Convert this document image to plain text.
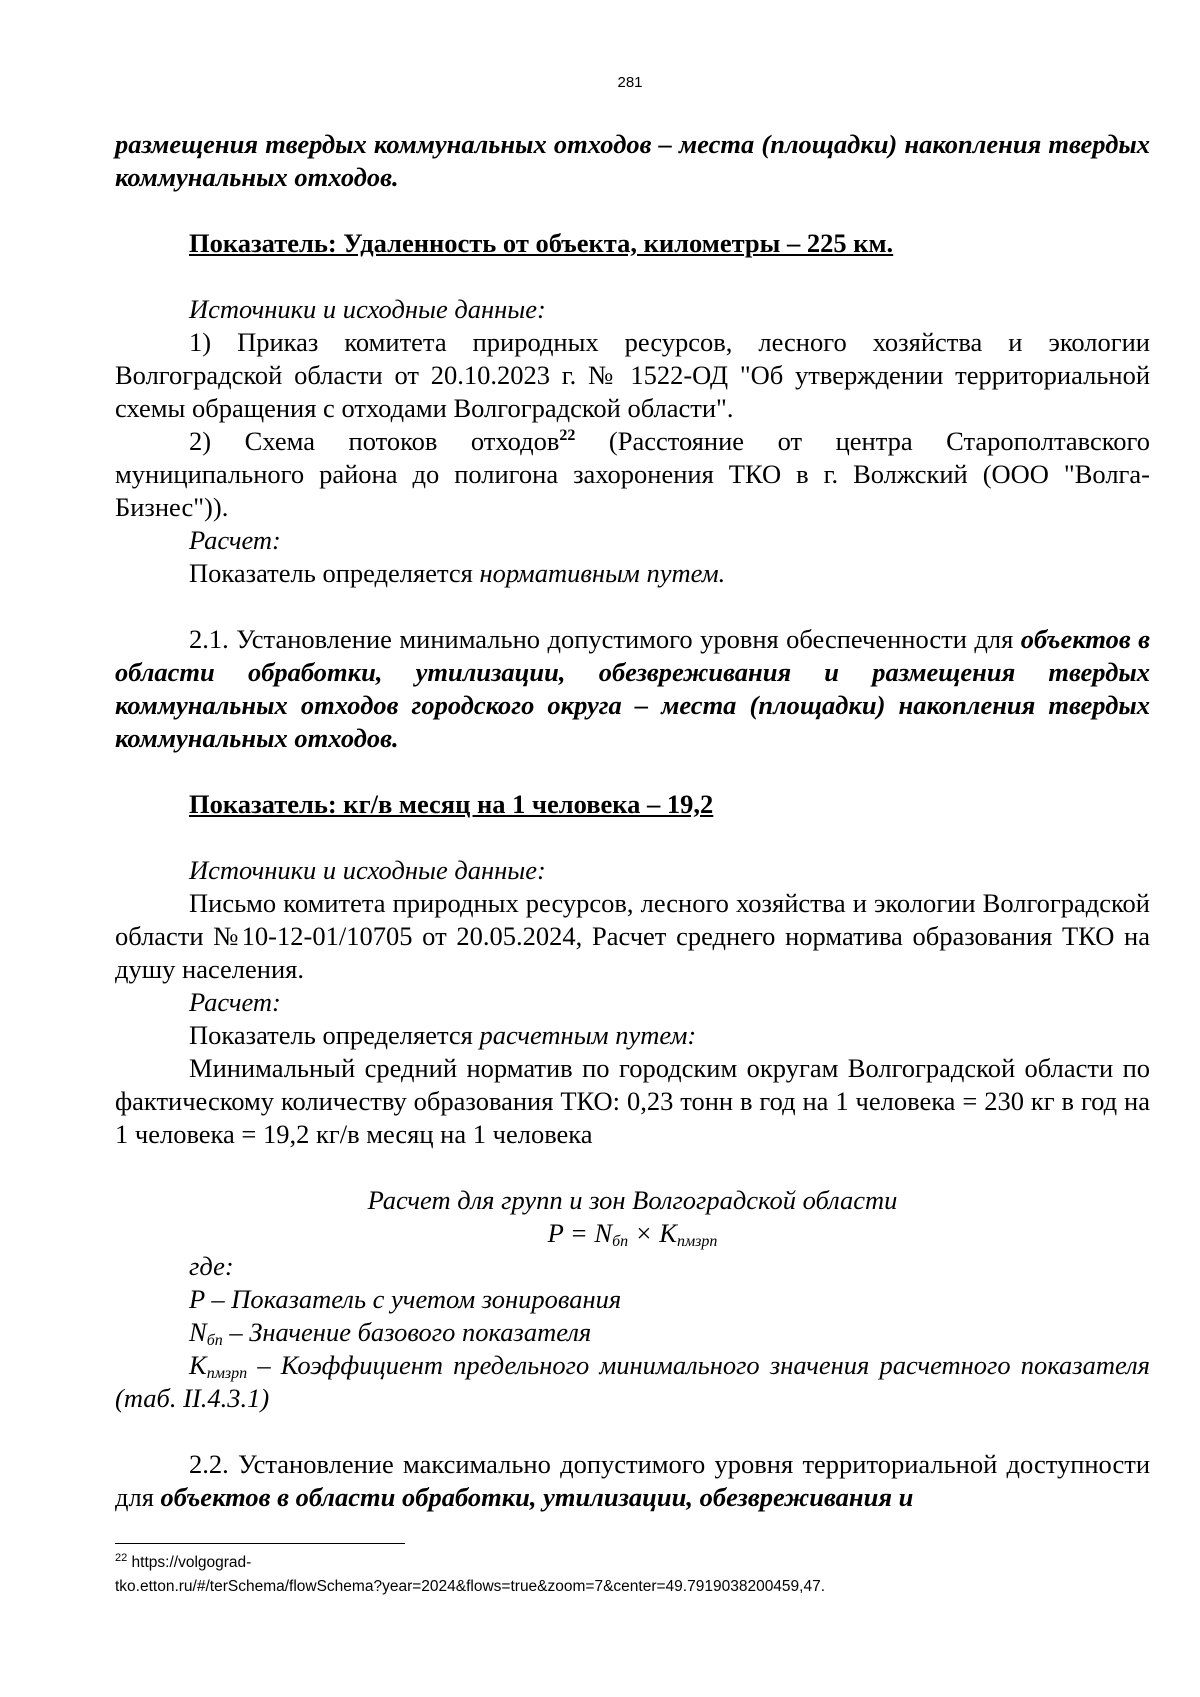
281

размещения твердых коммунальных отходов – места (площадки) накопления твердых коммунальных отходов.

Показатель: Удаленность от объекта, километры – 225 км.

Источники и исходные данные:

1) Приказ комитета природных ресурсов, лесного хозяйства и экологии Волгоградской области от 20.10.2023 г. № 1522-ОД "Об утверждении территориальной схемы обращения с отходами Волгоградской области".

2) Схема потоков отходов$^{22}$ (Расстояние от центра Старополтавского муниципального района до полигона захоронения ТКО в г. Волжский (ООО "Волга-Бизнес")).

Расчет:

Показатель определяется нормативным путем.

2.1. Установление минимально допустимого уровня обеспеченности для объектов в области обработки, утилизации, обезвреживания и размещения твердых коммунальных отходов городского округа – места (площадки) накопления твердых коммунальных отходов.

Показатель: кг/в месяц на 1 человека – 19,2

Источники и исходные данные:

Письмо комитета природных ресурсов, лесного хозяйства и экологии Волгоградской области №10-12-01/10705 от 20.05.2024, Расчет среднего норматива образования ТКО на душу населения.

Расчет:

Показатель определяется расчетным путем:

Минимальный средний норматив по городским округам Волгоградской области по фактическому количеству образования ТКО: 0,23 тонн в год на 1 человека = 230 кг в год на 1 человека = 19,2 кг/в месяц на 1 человека

Расчет для групп и зон Волгоградской области

$P = N_{бп} \times K_{пмзрп}$

где:

P – Показатель с учетом зонирования

$N_{бп}$ – Значение базового показателя

$K_{пмзрп}$ – Коэффициент предельного минимального значения расчетного показателя (таб. II.4.3.1)

2.2. Установление максимально допустимого уровня территориальной доступности для объектов в области обработки, утилизации, обезвреживания и

$^{22}$ https://volgograd-
tko.etton.ru/#/terSchema/flowSchema?year=2024&flows=true&zoom=7&center=49.7919038200459,47.
